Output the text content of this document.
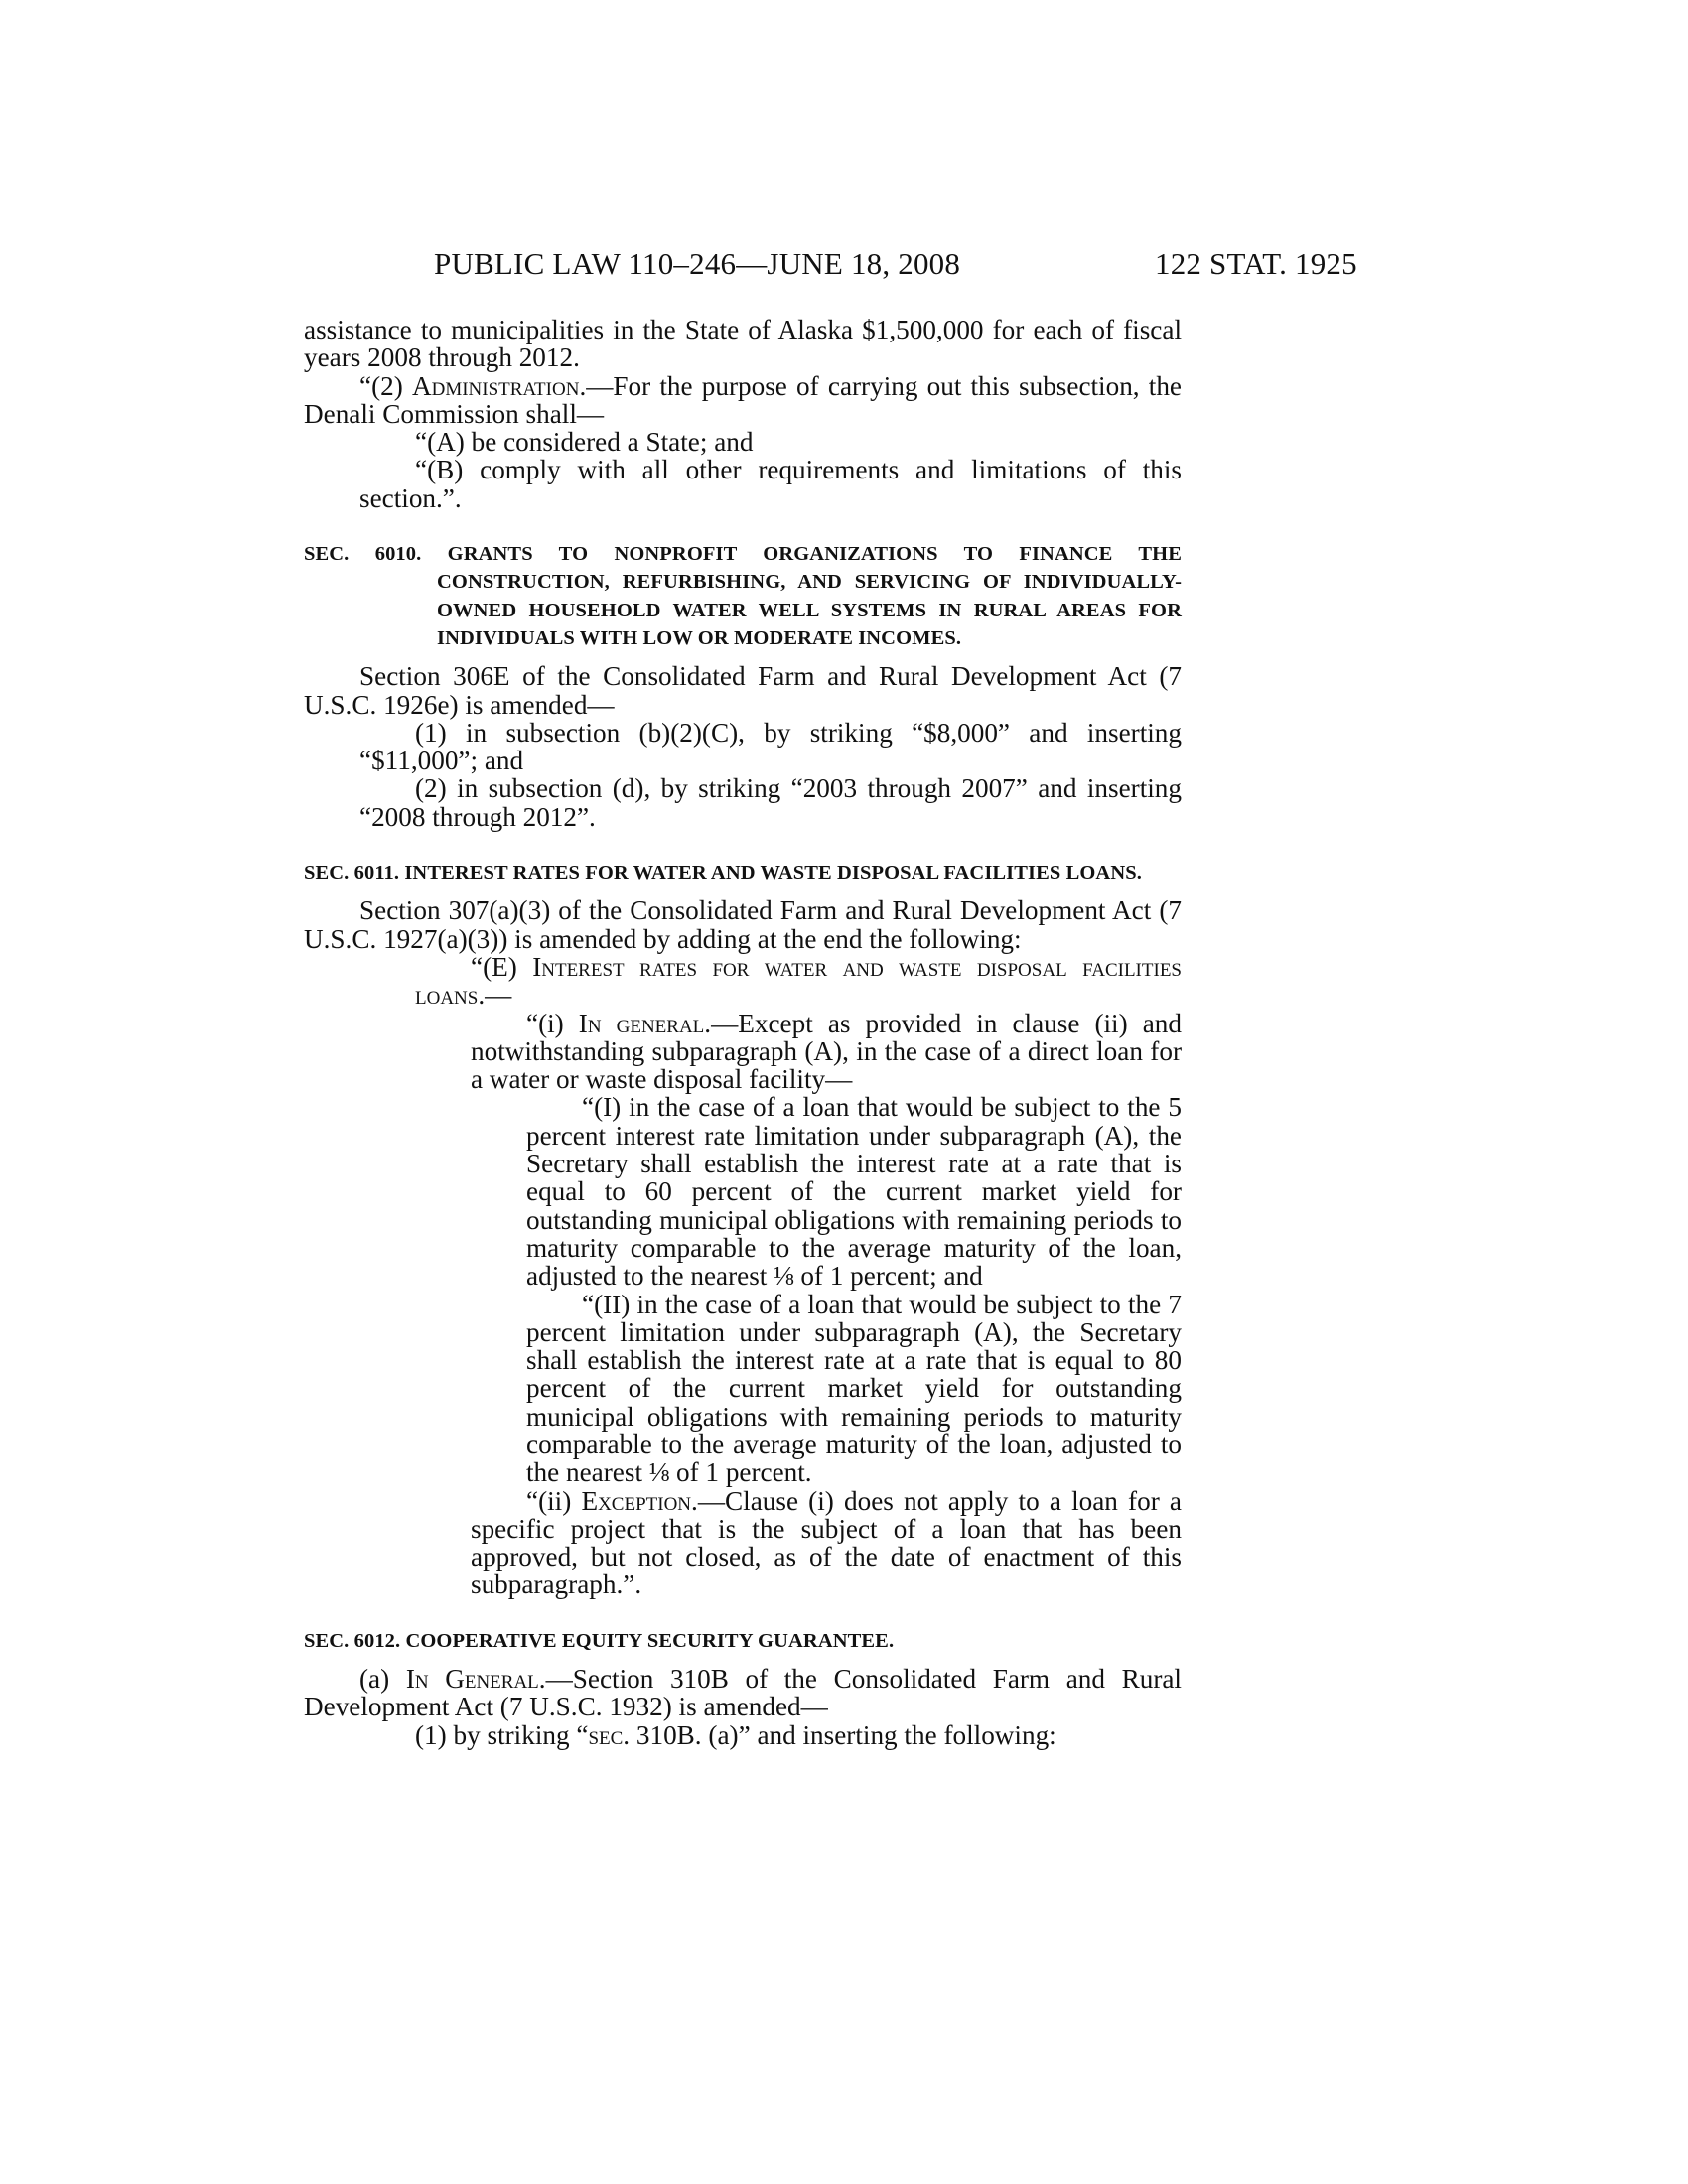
PUBLIC LAW 110–246—JUNE 18, 2008	122 STAT. 1925

assistance to municipalities in the State of Alaska $1,500,000 for each of fiscal years 2008 through 2012.

“(2) Administration.—For the purpose of carrying out this subsection, the Denali Commission shall—

“(A) be considered a State; and

“(B) comply with all other requirements and limitations of this section.”.

SEC. 6010. GRANTS TO NONPROFIT ORGANIZATIONS TO FINANCE THE CONSTRUCTION, REFURBISHING, AND SERVICING OF INDIVIDUALLY-OWNED HOUSEHOLD WATER WELL SYSTEMS IN RURAL AREAS FOR INDIVIDUALS WITH LOW OR MODERATE INCOMES.

Section 306E of the Consolidated Farm and Rural Development Act (7 U.S.C. 1926e) is amended—

(1) in subsection (b)(2)(C), by striking “$8,000” and inserting “$11,000”; and

(2) in subsection (d), by striking “2003 through 2007” and inserting “2008 through 2012”.

SEC. 6011. INTEREST RATES FOR WATER AND WASTE DISPOSAL FACILITIES LOANS.

Section 307(a)(3) of the Consolidated Farm and Rural Development Act (7 U.S.C. 1927(a)(3)) is amended by adding at the end the following:

“(E) Interest rates for water and waste disposal facilities loans.—

“(i) In general.—Except as provided in clause (ii) and notwithstanding subparagraph (A), in the case of a direct loan for a water or waste disposal facility—

“(I) in the case of a loan that would be subject to the 5 percent interest rate limitation under subparagraph (A), the Secretary shall establish the interest rate at a rate that is equal to 60 percent of the current market yield for outstanding municipal obligations with remaining periods to maturity comparable to the average maturity of the loan, adjusted to the nearest ⅛ of 1 percent; and

“(II) in the case of a loan that would be subject to the 7 percent limitation under subparagraph (A), the Secretary shall establish the interest rate at a rate that is equal to 80 percent of the current market yield for outstanding municipal obligations with remaining periods to maturity comparable to the average maturity of the loan, adjusted to the nearest ⅛ of 1 percent.

“(ii) Exception.—Clause (i) does not apply to a loan for a specific project that is the subject of a loan that has been approved, but not closed, as of the date of enactment of this subparagraph.”.

SEC. 6012. COOPERATIVE EQUITY SECURITY GUARANTEE.

(a) In General.—Section 310B of the Consolidated Farm and Rural Development Act (7 U.S.C. 1932) is amended—

(1) by striking “sec. 310B. (a)” and inserting the following:
